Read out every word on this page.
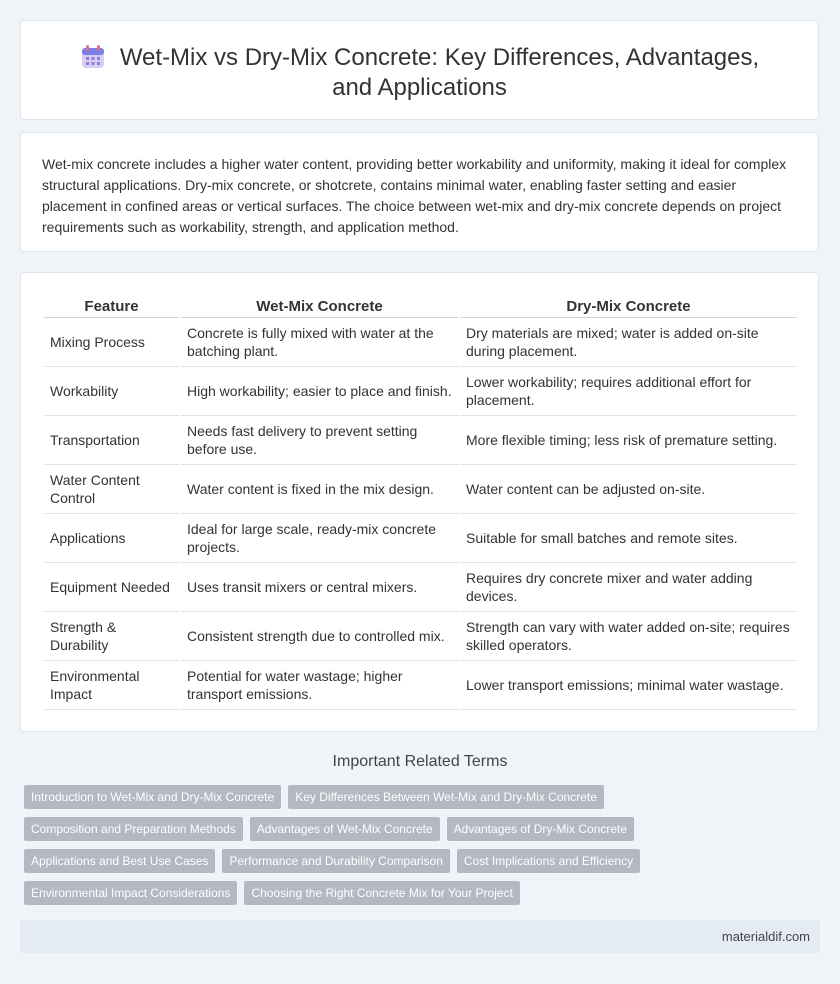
Wet-Mix vs Dry-Mix Concrete: Key Differences, Advantages, and Applications

Wet-mix concrete includes a higher water content, providing better workability and uniformity, making it ideal for complex structural applications. Dry-mix concrete, or shotcrete, contains minimal water, enabling faster setting and easier placement in confined areas or vertical surfaces. The choice between wet-mix and dry-mix concrete depends on project requirements such as workability, strength, and application method.

Feature	Wet-Mix Concrete	Dry-Mix Concrete
Mixing Process	Concrete is fully mixed with water at the batching plant.	Dry materials are mixed; water is added on-site during placement.
Workability	High workability; easier to place and finish.	Lower workability; requires additional effort for placement.
Transportation	Needs fast delivery to prevent setting before use.	More flexible timing; less risk of premature setting.
Water Content Control	Water content is fixed in the mix design.	Water content can be adjusted on-site.
Applications	Ideal for large scale, ready-mix concrete projects.	Suitable for small batches and remote sites.
Equipment Needed	Uses transit mixers or central mixers.	Requires dry concrete mixer and water adding devices.
Strength & Durability	Consistent strength due to controlled mix.	Strength can vary with water added on-site; requires skilled operators.
Environmental Impact	Potential for water wastage; higher transport emissions.	Lower transport emissions; minimal water wastage.
Important Related Terms
Introduction to Wet-Mix and Dry-Mix Concrete Key Differences Between Wet-Mix and Dry-Mix Concrete
Composition and Preparation Methods Advantages of Wet-Mix Concrete Advantages of Dry-Mix Concrete
Applications and Best Use Cases Performance and Durability Comparison Cost Implications and Efficiency
Environmental Impact Considerations Choosing the Right Concrete Mix for Your Project
materialdif.com
